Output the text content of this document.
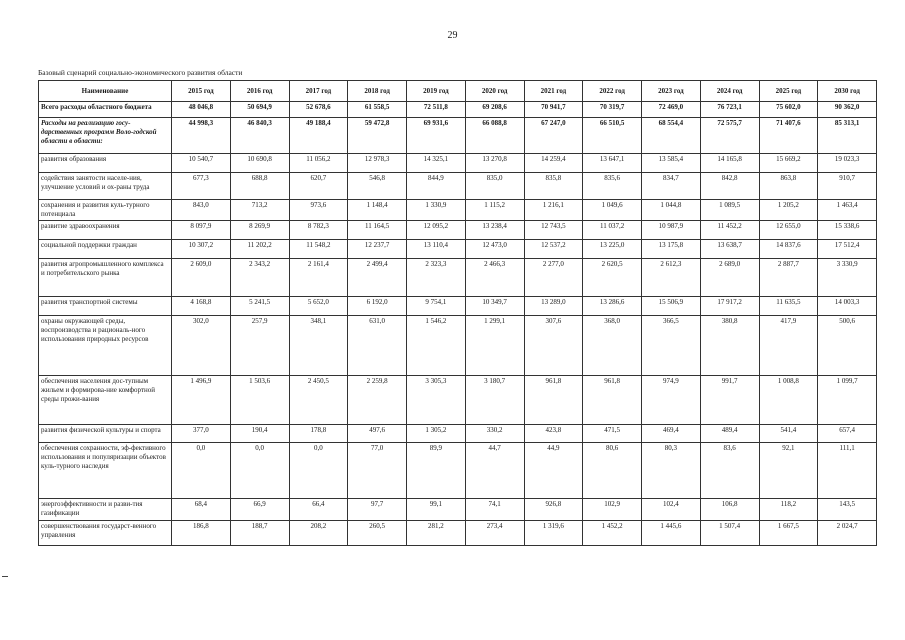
29
Базовый сценарий социально-экономического развития области
Наименование	2015 год	2016 год	2017 год	2018 год	2019 год	2020 год	2021 год	2022 год	2023 год	2024 год	2025 год	2030 год
Всего расходы областного бюджета	48 046,8	50 694,9	52 678,6	61 558,5	72 511,8	69 208,6	70 941,7	70 319,7	72 469,0	76 723,1	75 602,0	90 362,0
Расходы на реализацию госу-дарственных программ Воло-годской области в области:	44 998,3	46 840,3	49 188,4	59 472,8	69 931,6	66 088,8	67 247,0	66 510,5	68 554,4	72 575,7	71 407,6	85 313,1
развития образования	10 540,7	10 690,8	11 056,2	12 978,3	14 325,1	13 270,8	14 259,4	13 647,1	13 585,4	14 165,8	15 669,2	19 023,3
содействия занятости населе-ния, улучшение условий и ох-раны труда	677,3	688,8	620,7	546,8	844,9	835,0	835,8	835,6	834,7	842,8	863,8	910,7
сохранения и развития куль-турного потенциала	843,0	713,2	973,6	1 148,4	1 330,9	1 115,2	1 216,1	1 049,6	1 044,8	1 089,5	1 205,2	1 463,4
развитие здравоохранения	8 097,9	8 269,9	8 782,3	11 164,5	12 095,2	13 238,4	12 743,5	11 037,2	10 987,9	11 452,2	12 655,0	15 338,6
социальной поддержки граждан	10 307,2	11 202,2	11 548,2	12 237,7	13 110,4	12 473,0	12 537,2	13 225,0	13 175,8	13 638,7	14 837,6	17 512,4
развития агропромышленного комплекса и потребительского рынка	2 609,0	2 343,2	2 161,4	2 499,4	2 323,3	2 466,3	2 277,0	2 620,5	2 612,3	2 689,0	2 887,7	3 330,9
развития транспортной системы	4 168,8	5 241,5	5 652,0	6 192,0	9 754,1	10 349,7	13 289,0	13 286,6	15 506,9	17 917,2	11 635,5	14 003,3
охраны окружающей среды, воспроизводства и рациональ-ного использования природных ресурсов	302,0	257,9	348,1	631,0	1 546,2	1 299,1	307,6	368,0	366,5	380,8	417,9	500,6
обеспечения населения дос-тупным жильем и формирова-ние комфортной среды прожи-вания	1 496,9	1 503,6	2 450,5	2 259,8	3 305,3	3 180,7	961,8	961,8	974,9	991,7	1 008,8	1 099,7
развития физической культуры и спорта	377,0	190,4	178,8	497,6	1 305,2	330,2	423,8	471,5	469,4	489,4	541,4	657,4
обеспечения сохранности, эф-фективного использования и популяризации объектов куль-турного наследия	0,0	0,0	0,0	77,0	89,9	44,7	44,9	80,6	80,3	83,6	92,1	111,1
энергоэффективности и разви-тия газификации	68,4	66,9	66,4	97,7	99,1	74,1	926,8	102,9	102,4	106,8	118,2	143,5
совершенствования государст-венного управления	186,8	188,7	208,2	260,5	281,2	273,4	1 319,6	1 452,2	1 445,6	1 507,4	1 667,5	2 024,7
